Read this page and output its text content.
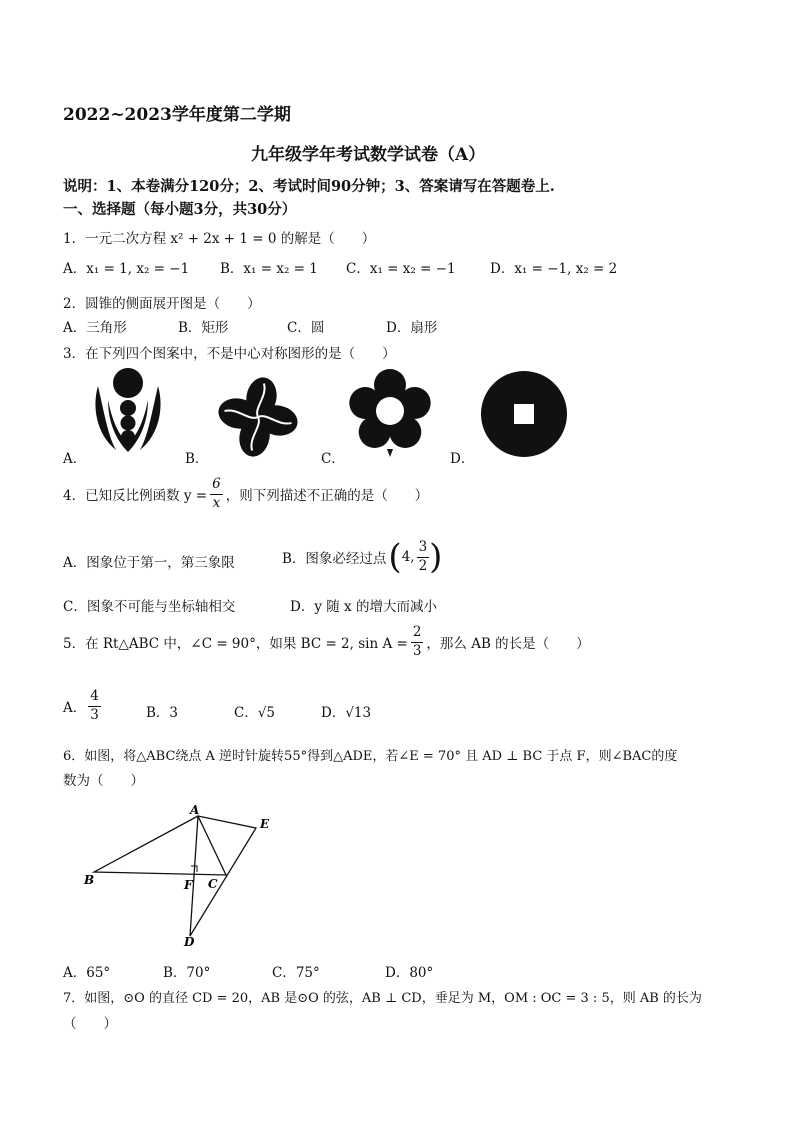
2022~2023学年度第二学期
九年级学年考试数学试卷（A）
说明：1、本卷满分120分；2、考试时间90分钟；3、答案请写在答题卷上.
一、选择题（每小题3分，共30分）
1．一元二次方程 x² + 2x + 1 = 0 的解是（　　）
A．x₁ = 1, x₂ = −1 B．x₁ = x₂ = 1 C．x₁ = x₂ = −1	D．x₁ = −1, x₂ = 2
2．圆锥的侧面展开图是（　　）
A．三角形	B．矩形	C．圆	D．扇形
3．在下列四个图案中，不是中心对称图形的是（　　）
A．	B．	C．	D．
4．已知反比例函数 $y = \frac{6}{x}$ ，则下列描述不正确的是（　　）
A．图象位于第一，第三象限	B．图象必经过点 ( 4, $\frac{3}{2}$ )
C．图象不可能与坐标轴相交	D．y 随 x 的增大而减小
5．在 Rt△ABC 中，∠C = 90°，如果 BC = 2, $\sin A = \frac{2}{3}$ ，那么 AB 的长是（　　）
A． $\frac{4}{3}$	B．3	C．√5	D．√13
6．如图，将△ABC绕点 A 逆时针旋转55°得到△ADE，若∠E = 70° 且 AD ⊥ BC 于点 F，则∠BAC的度
数为（　　）
A
B	C
F
E
D
A．65°	B．70°	C．75°	D．80°
7．如图，⊙O 的直径 CD = 20，AB 是⊙O 的弦，AB ⊥ CD，垂足为 M，OM : OC = 3 : 5，则 AB 的长为
（　　）
